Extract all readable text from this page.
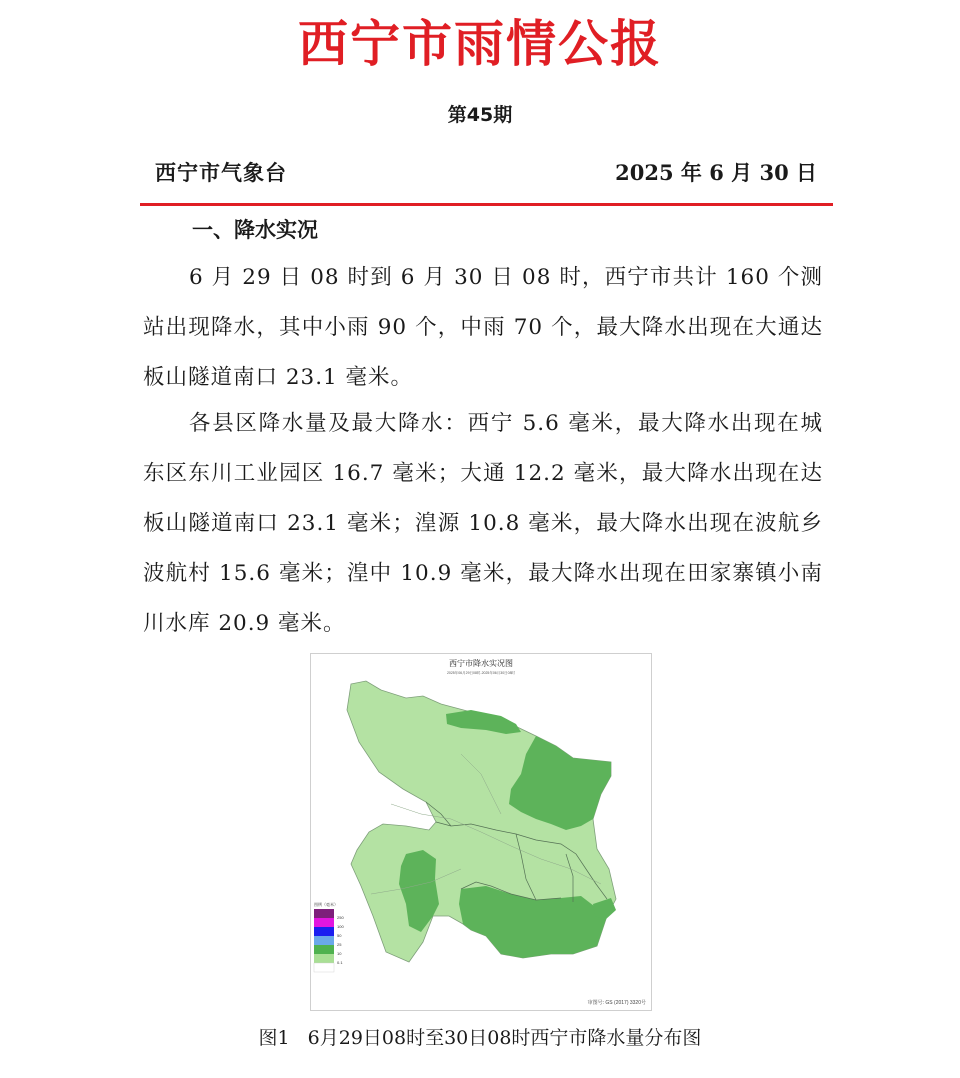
西宁市雨情公报
第45期
西宁市气象台	2025 年 6 月 30 日
一、降水实况
6 月 29 日 08 时到 6 月 30 日 08 时，西宁市共计 160 个测站出现降水，其中小雨 90 个，中雨 70 个，最大降水出现在大通达板山隧道南口 23.1 毫米。
各县区降水量及最大降水：西宁 5.6 毫米，最大降水出现在城东区东川工业园区 16.7 毫米；大通 12.2 毫米，最大降水出现在达板山隧道南口 23.1 毫米；湟源 10.8 毫米，最大降水出现在波航乡波航村 15.6 毫米；湟中 10.9 毫米，最大降水出现在田家寨镇小南川水库 20.9 毫米。
西宁市降水实况图
2025年06月29日08时-2025年06月30日08时
图例（毫米）
250
100
50
25
10
0.1
审图号: GS (2017) 3320号
图1 6月29日08时至30日08时西宁市降水量分布图
